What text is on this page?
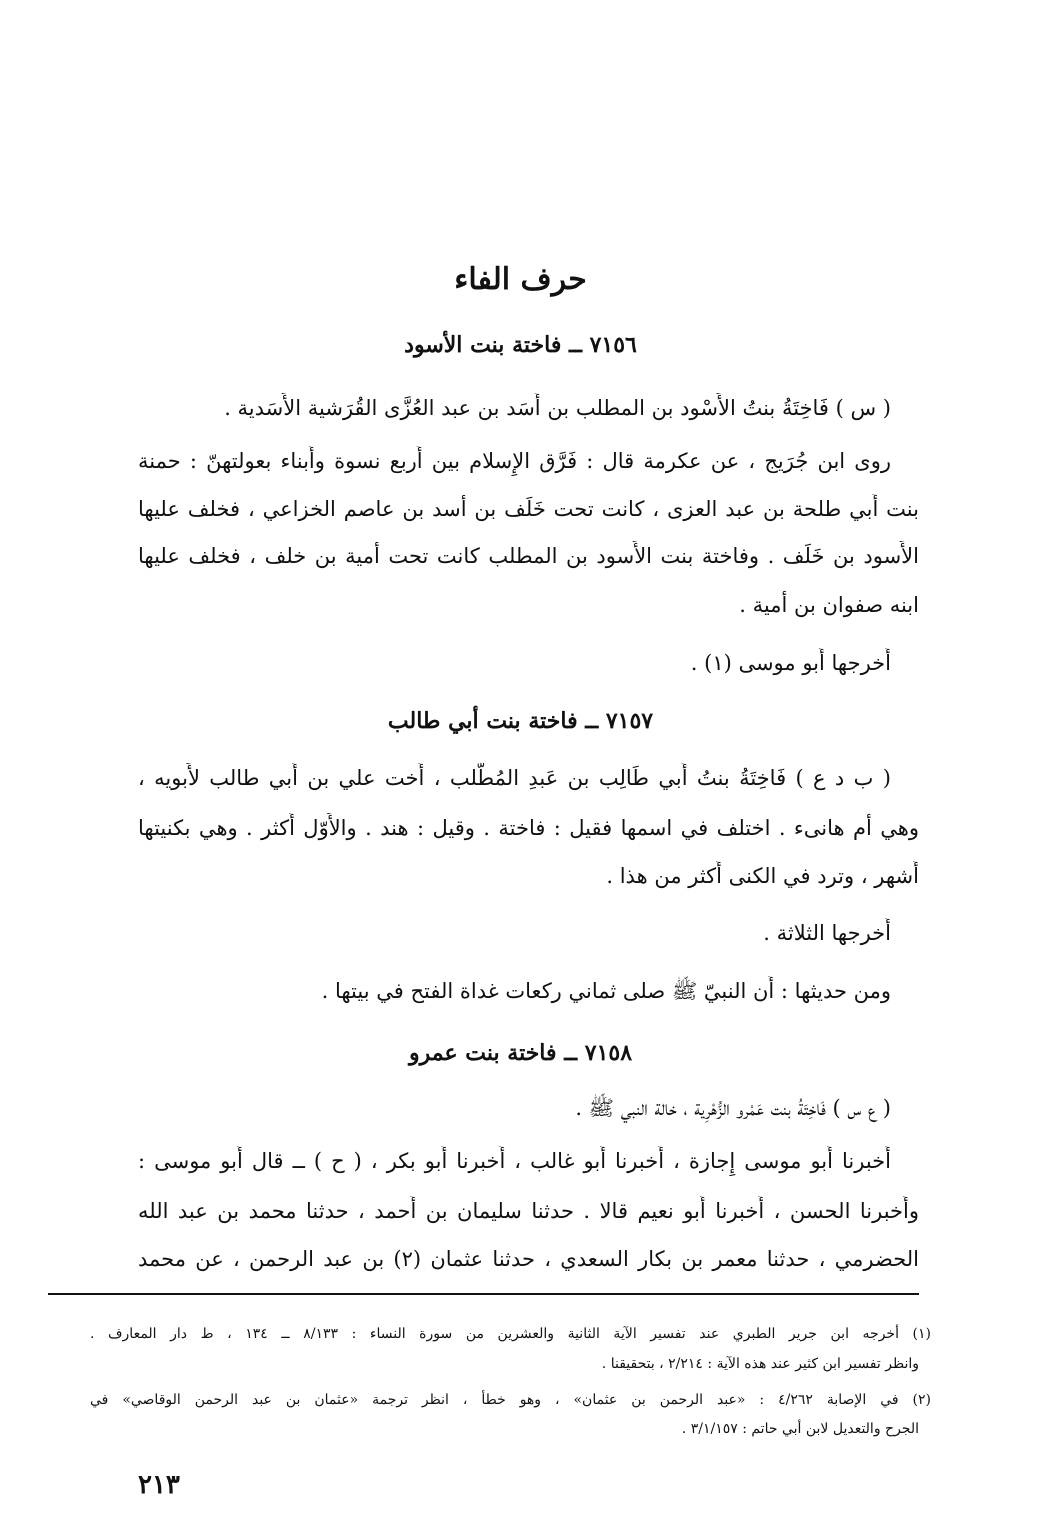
حرف الفاء
٧١٥٦ ــ فاختة بنت الأسود
( س ) فَاخِتَةُ بنتُ الأَسْود بن المطلب بن أَسَد بن عبد العُزَّى القُرَشية الأَسَدية .
روى ابن جُرَيج ، عن عكرمة قال : فَرَّق الإِسلام بين أَربع نسوة وأَبناء بعولتهنّ : حمنة
بنت أَبي طلحة بن عبد العزى ، كانت تحت خَلَف بن أسد بن عاصم الخزاعي ، فخلف عليها
الأَسود بن خَلَف . وفاختة بنت الأَسود بن المطلب كانت تحت أمية بن خلف ، فخلف عليها
ابنه صفوان بن أمية .
أَخرجها أَبو موسى (١) .
٧١٥٧ ــ فاختة بنت أبي طالب
( ب د ع ) فَاخِتَةُ بنتُ أَبي طَالِب بن عَبدِ المُطَّلب ، أُخت علي بن أَبي طالب لأَبويه ،
وهي أم هانىء . اختلف في اسمها فقيل : فاختة . وقيل : هند . والأَوّل أَكثر . وهي بكنيتها
أَشهر ، وترد في الكنى أَكثر من هذا .
أَخرجها الثلاثة .
ومن حديثها : أَن النبيّ ﷺ صلى ثماني ركعات غداة الفتح في بيتها .
٧١٥٨ ــ فاختة بنت عمرو
( ع س ) فَاخِتَةُ بنت عَمْرو الزُّهْرِية ، خالة النبي ﷺ .
أَخبرنا أَبو موسى إِجازة ، أَخبرنا أَبو غالب ، أَخبرنا أَبو بكر ، ( ح ) ــ قال أَبو موسى :
وأَخبرنا الحسن ، أَخبرنا أَبو نعيم قالا . حدثنا سليمان بن أَحمد ، حدثنا محمد بن عبد الله
الحضرمي ، حدثنا معمر بن بكار السعدي ، حدثنا عثمان (٢) بن عبد الرحمن ، عن محمد
(١) أخرجه ابن جرير الطبري عند تفسير الآية الثانية والعشرين من سورة النساء : ٨/١٣٣ ــ ١٣٤ ، ط دار المعارف .
وانظر تفسير ابن كثير عند هذه الآية : ٢/٢١٤ ، بتحقيقنا .
(٢) في الإصابة ٤/٢٦٢ : «عبد الرحمن بن عثمان» ، وهو خطأ ، انظر ترجمة «عثمان بن عبد الرحمن الوقاصي» في
الجرح والتعديل لابن أبي حاتم : ٣/١/١٥٧ .
٢١٣
